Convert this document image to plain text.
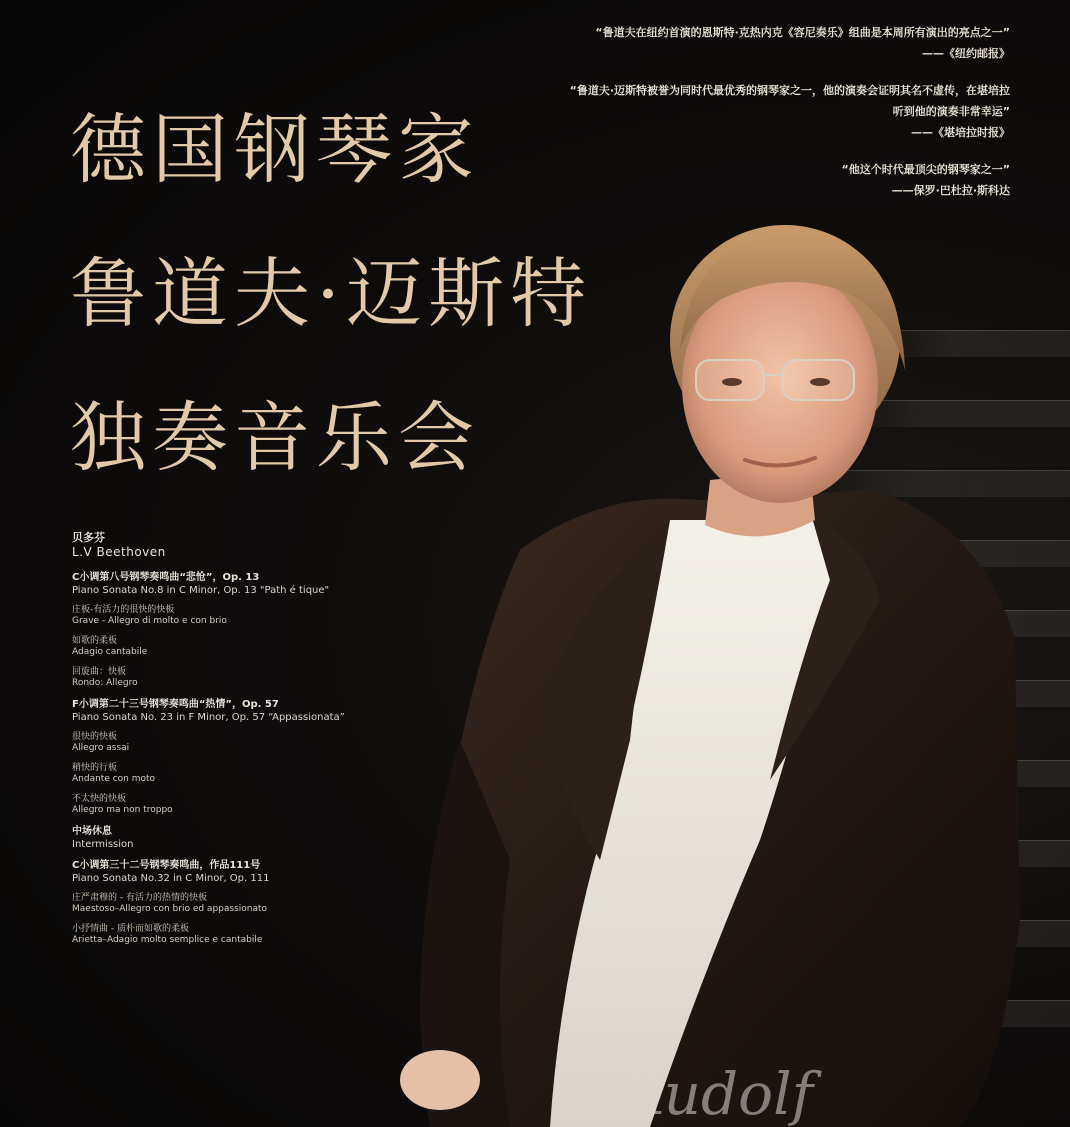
“鲁道夫在纽约首演的恩斯特·克热内克《容尼奏乐》组曲是本周所有演出的亮点之一”
——《纽约邮报》
“鲁道夫·迈斯特被誉为同时代最优秀的钢琴家之一，他的演奏会证明其名不虚传，在堪培拉
听到他的演奏非常幸运”
——《堪培拉时报》
“他这个时代最顶尖的钢琴家之一”
——保罗·巴杜拉·斯科达
德国钢琴家
鲁道夫·迈斯特
独奏音乐会
贝多芬
L.V Beethoven
C小调第八号钢琴奏鸣曲“悲怆”，Op. 13
Piano Sonata No.8 in C Minor, Op. 13 "Path é tique"
庄板-有活力的很快的快板
Grave - Allegro di molto e con brio
如歌的柔板
Adagio cantabile
回旋曲：快板
Rondo: Allegro
F小调第二十三号钢琴奏鸣曲“热情”，Op. 57
Piano Sonata No. 23 in F Minor, Op. 57 “Appassionata”
很快的快板
Allegro assai
稍快的行板
Andante con moto
不太快的快板
Allegro ma non troppo
中场休息
Intermission
C小调第三十二号钢琴奏鸣曲，作品111号
Piano Sonata No.32 in C Minor, Op. 111
庄严肃穆的 - 有活力的热情的快板
Maestoso–Allegro con brio ed appassionato
小抒情曲 - 质朴而如歌的柔板
Arietta–Adagio molto semplice e cantabile
Rudolf
